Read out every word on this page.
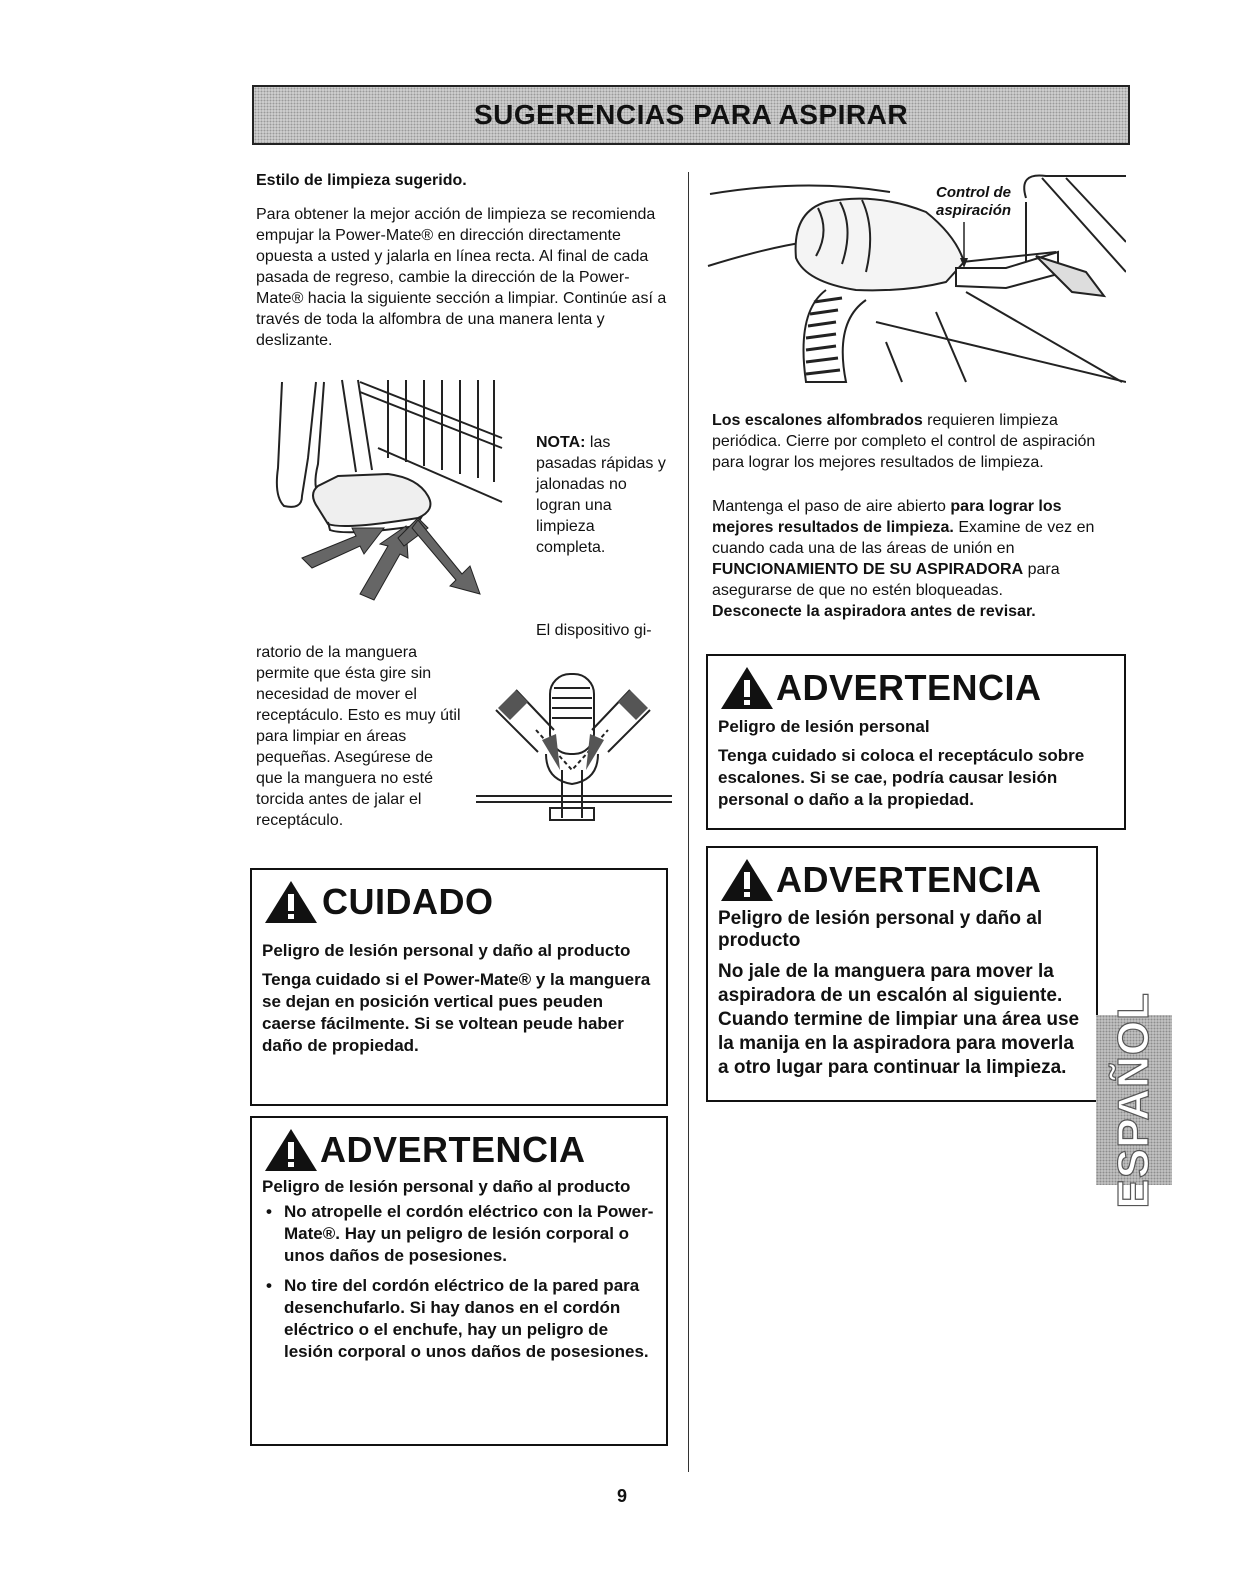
SUGERENCIAS PARA ASPIRAR
Estilo de limpieza sugerido.
Para obtener la mejor acción de limpieza se recomienda empujar la Power-Mate® en dirección directamente opuesta a usted y jalarla en línea recta. Al final de cada pasada de regreso, cambie la dirección de la Power-Mate® hacia la siguiente sección a limpiar. Continúe así a través de toda la alfombra de una manera lenta y deslizante.
NOTA: las pasadas rápidas y jalonadas no logran una limpieza completa.
El dispositivo gi-
ratorio de la manguera permite que ésta gire sin necesidad de mover el receptáculo. Esto es muy útil para limpiar en áreas pequeñas. Asegúrese de que la manguera no esté torcida antes de jalar el receptáculo.
CUIDADO
Peligro de lesión personal y daño al producto
Tenga cuidado si el Power-Mate® y la manguera se dejan en posición vertical pues peuden caerse fácilmente. Si se voltean peude haber daño de propiedad.
ADVERTENCIA
Peligro de lesión personal y daño al producto
• No atropelle el cordón eléctrico con la Power-Mate®. Hay un peligro de lesión corporal o unos daños de posesiones.
• No tire del cordón eléctrico de la pared para desenchufarlo. Si hay danos en el cordón eléctrico o el enchufe, hay un peligro de lesión corporal o unos daños de posesiones.
Control de aspiración
Los escalones alfombrados requieren limpieza periódica. Cierre por completo el control de aspiración para lograr los mejores resultados de limpieza.
Mantenga el paso de aire abierto para lograr los mejores resultados de limpieza. Examine de vez en cuando cada una de las áreas de unión en FUNCIONAMIENTO DE SU ASPIRADORA para asegurarse de que no estén bloqueadas.
Desconecte la aspiradora antes de revisar.
ADVERTENCIA
Peligro de lesión personal
Tenga cuidado si coloca el receptáculo sobre escalones. Si se cae, podría causar lesión personal o daño a la propiedad.
ADVERTENCIA
Peligro de lesión personal y daño al producto
No jale de la manguera para mover la aspiradora de un escalón al siguiente. Cuando termine de limpiar una área use la manija en la aspiradora para moverla a otro lugar para continuar la limpieza. ESPAÑOL
9
